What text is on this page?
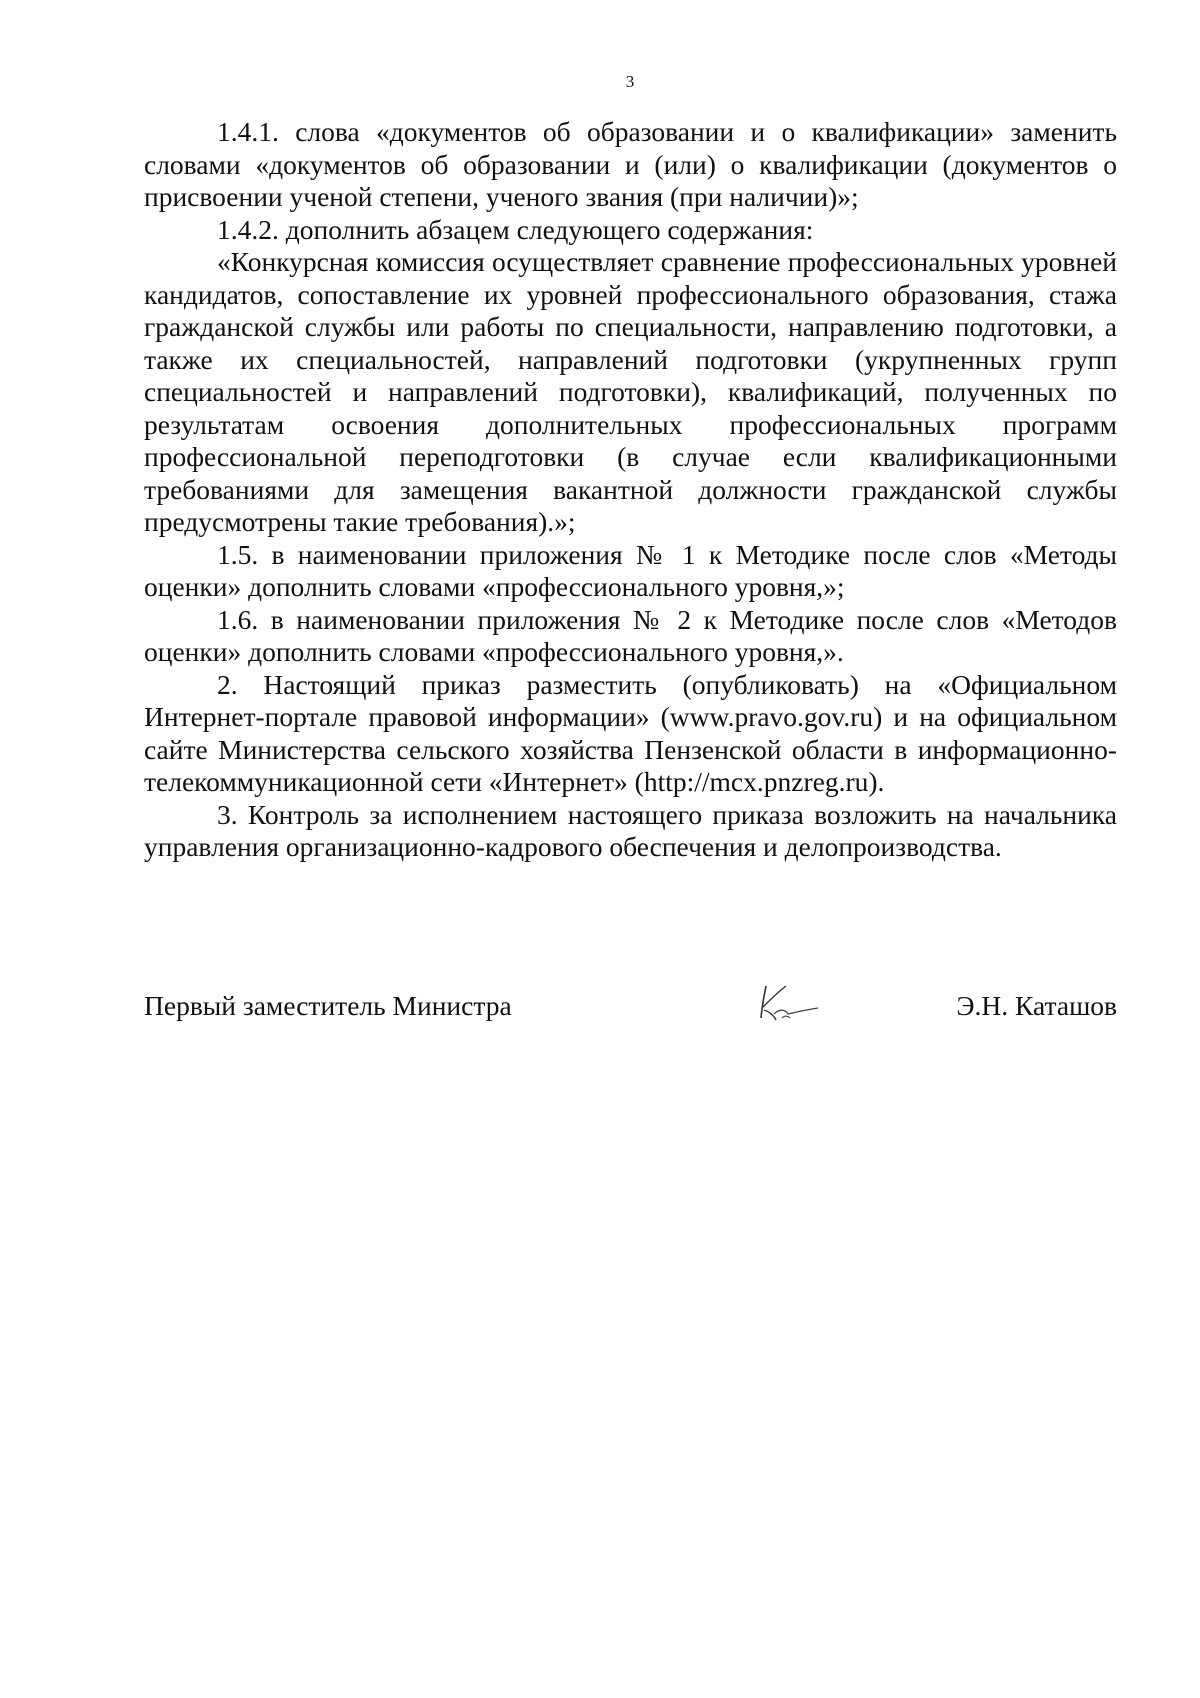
3

1.4.1. слова «документов об образовании и о квалификации» заменить словами «документов об образовании и (или) о квалификации (документов о присвоении ученой степени, ученого звания (при наличии)»;

1.4.2. дополнить абзацем следующего содержания:

«Конкурсная комиссия осуществляет сравнение профессиональных уровней кандидатов, сопоставление их уровней профессионального образования, стажа гражданской службы или работы по специальности, направлению подготовки, а также их специальностей, направлений подготовки (укрупненных групп специальностей и направлений подготовки), квалификаций, полученных по результатам освоения дополнительных профессиональных программ профессиональной переподготовки (в случае если квалификационными требованиями для замещения вакантной должности гражданской службы предусмотрены такие требования).»;

1.5. в наименовании приложения № 1 к Методике после слов «Методы оценки» дополнить словами «профессионального уровня,»;

1.6. в наименовании приложения № 2 к Методике после слов «Методов оценки» дополнить словами «профессионального уровня,».

2. Настоящий приказ разместить (опубликовать) на «Официальном Интернет-портале правовой информации» (www.pravo.gov.ru) и на официальном сайте Министерства сельского хозяйства Пензенской области в информационно-телекоммуникационной сети «Интернет» (http://mcx.pnzreg.ru).

3. Контроль за исполнением настоящего приказа возложить на начальника управления организационно-кадрового обеспечения и делопроизводства.

Первый заместитель Министра	Э.Н. Каташов
